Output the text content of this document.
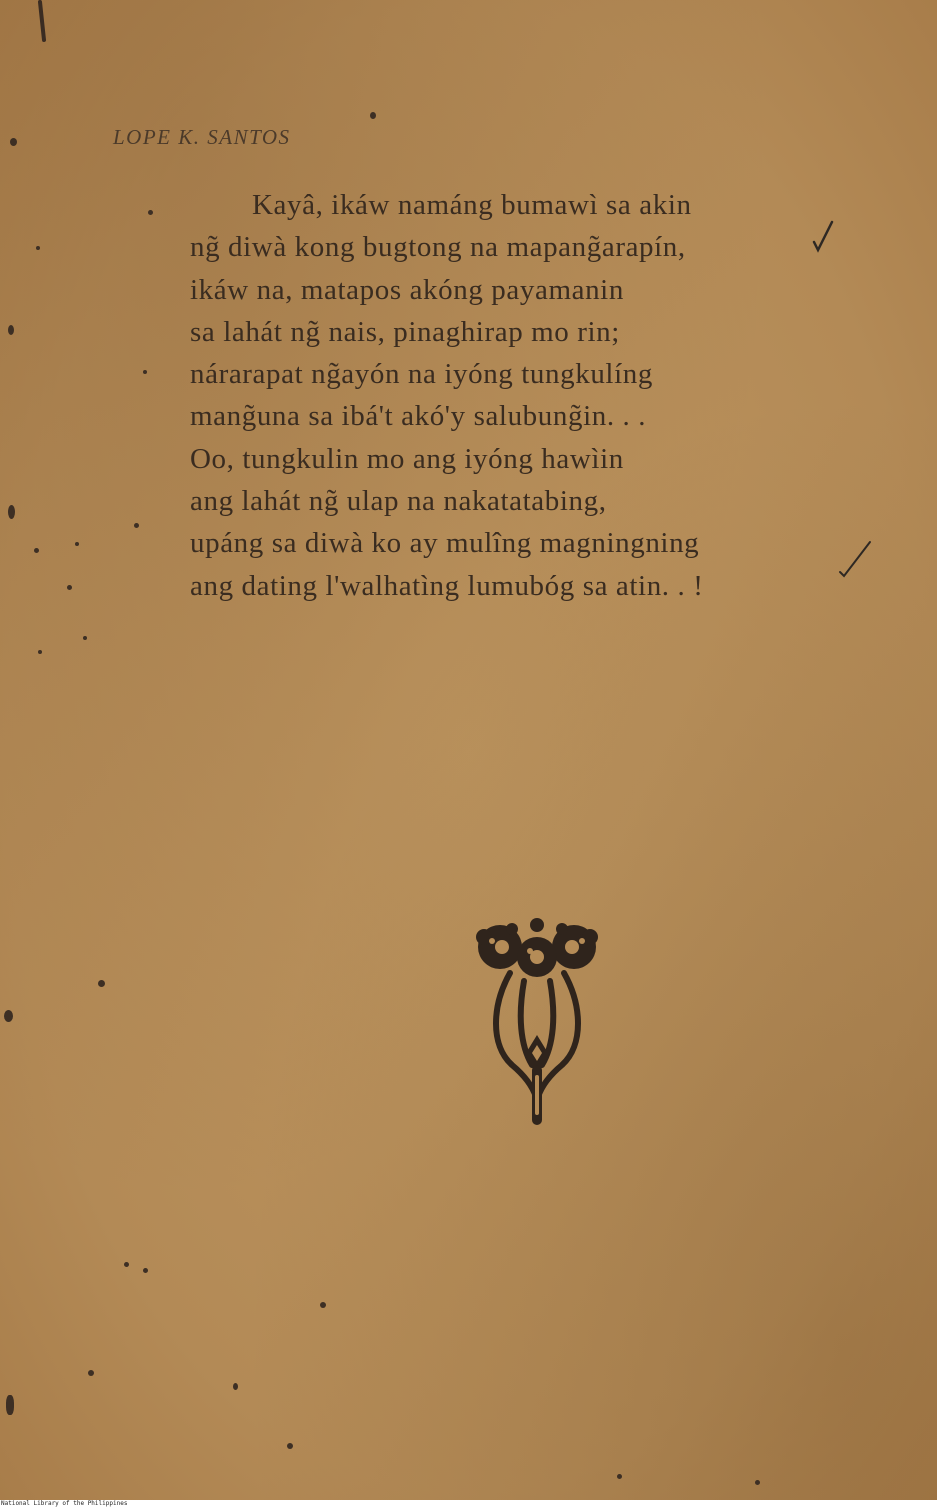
LOPE K. SANTOS
Kayâ, ikáw namáng bumawì sa akin
ng̃ diwà kong bugtong na mapang̃arapín,
ikáw na, matapos akóng payamanin
sa lahát ng̃ nais, pinaghirap mo rin;
nárarapat ng̃ayón na iyóng tungkulíng
mang̃una sa ibá't akó'y salubung̃in. . .
Oo, tungkulin mo ang iyóng hawìin
ang lahát ng̃ ulap na nakatatabing,
upáng sa diwà ko ay mulîng magningning
ang dating l'walhatìng lumubóg sa atin. . !
National Library of the Philippines
